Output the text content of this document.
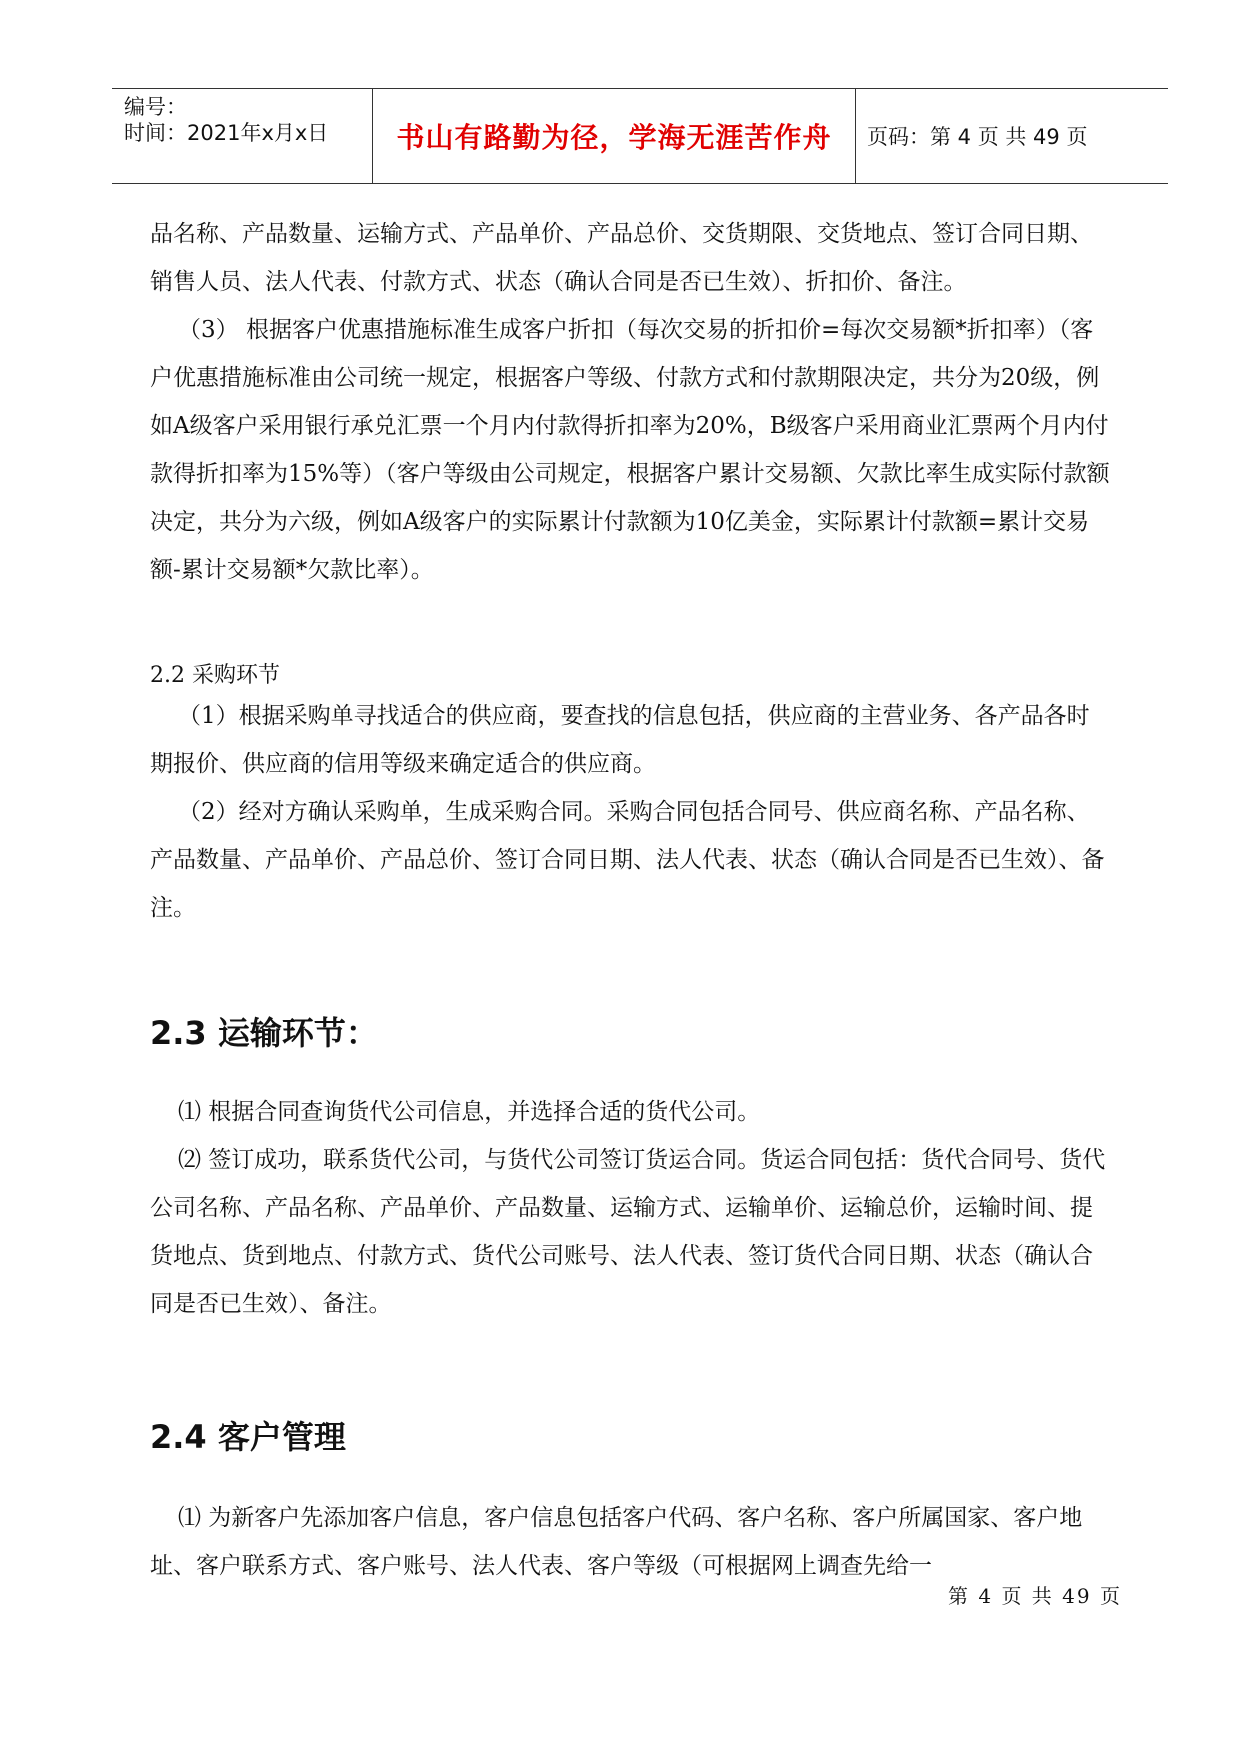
编号：
时间：2021年x月x日 书山有路勤为径，学海无涯苦作舟 页码：第 4 页 共 49 页

品名称、产品数量、运输方式、产品单价、产品总价、交货期限、交货地点、签订合同日期、销售人员、法人代表、付款方式、状态（确认合同是否已生效）、折扣价、备注。

（3） 根据客户优惠措施标准生成客户折扣（每次交易的折扣价=每次交易额*折扣率）（客户优惠措施标准由公司统一规定，根据客户等级、付款方式和付款期限决定，共分为20级，例如A级客户采用银行承兑汇票一个月内付款得折扣率为20%，B级客户采用商业汇票两个月内付款得折扣率为15%等）（客户等级由公司规定，根据客户累计交易额、欠款比率生成实际付款额决定，共分为六级，例如A级客户的实际累计付款额为10亿美金，实际累计付款额=累计交易额-累计交易额*欠款比率）。

2.2 采购环节

（1）根据采购单寻找适合的供应商，要查找的信息包括，供应商的主营业务、各产品各时期报价、供应商的信用等级来确定适合的供应商。

（2）经对方确认采购单，生成采购合同。采购合同包括合同号、供应商名称、产品名称、产品数量、产品单价、产品总价、签订合同日期、法人代表、状态（确认合同是否已生效）、备注。

2.3 运输环节：

⑴ 根据合同查询货代公司信息，并选择合适的货代公司。

⑵ 签订成功，联系货代公司，与货代公司签订货运合同。货运合同包括：货代合同号、货代公司名称、产品名称、产品单价、产品数量、运输方式、运输单价、运输总价，运输时间、提货地点、货到地点、付款方式、货代公司账号、法人代表、签订货代合同日期、状态（确认合同是否已生效）、备注。

2.4 客户管理

⑴ 为新客户先添加客户信息，客户信息包括客户代码、客户名称、客户所属国家、客户地址、客户联系方式、客户账号、法人代表、客户等级（可根据网上调查先给一

第 4 页 共 49 页
